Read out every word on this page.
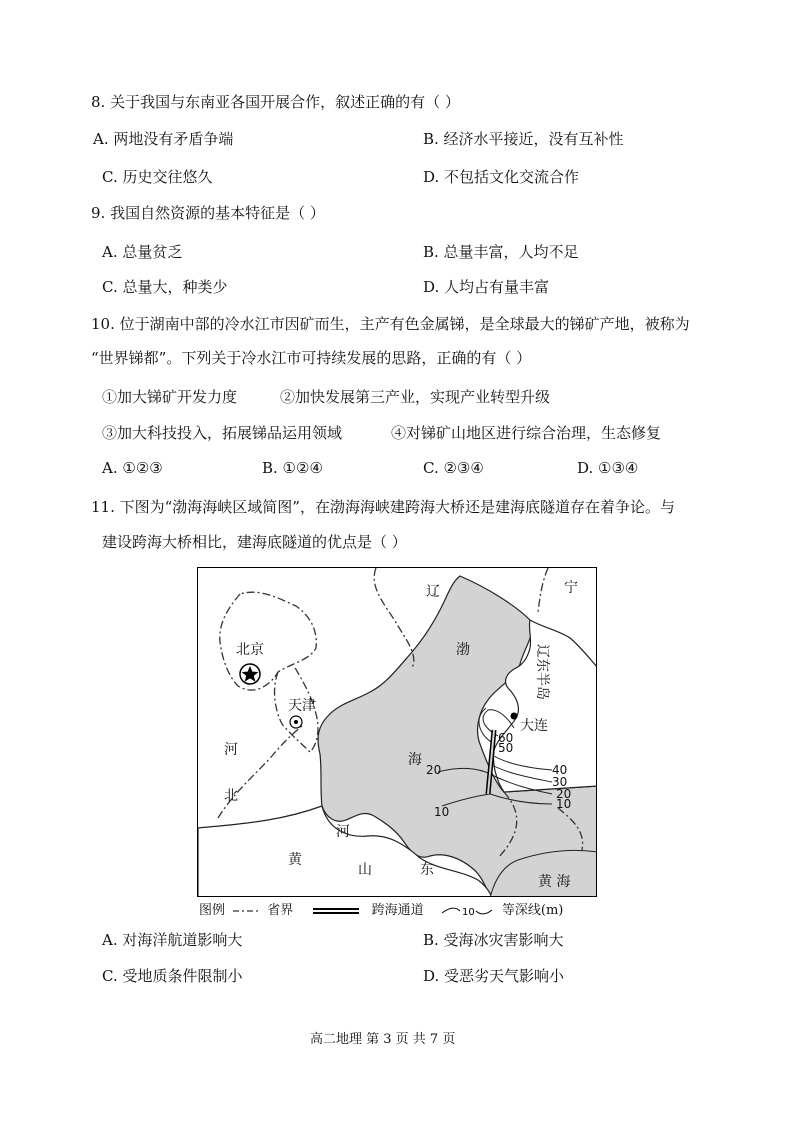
8. 关于我国与东南亚各国开展合作，叙述正确的有（ ）
A. 两地没有矛盾争端	B. 经济水平接近，没有互补性
C. 历史交往悠久	D. 不包括文化交流合作
9. 我国自然资源的基本特征是（ ）
A. 总量贫乏	B. 总量丰富，人均不足
C. 总量大，种类少	D. 人均占有量丰富
10. 位于湖南中部的冷水江市因矿而生，主产有色金属锑，是全球最大的锑矿产地，被称为
“世界锑都”。下列关于冷水江市可持续发展的思路，正确的有（ ）
①加大锑矿开发力度	②加快发展第三产业，实现产业转型升级
③加大科技投入，拓展锑品运用领域	④对锑矿山地区进行综合治理，生态修复
A. ①②③	B. ①②④	C. ②③④	D. ①③④
11. 下图为“渤海海峡区域简图”，在渤海海峡建跨海大桥还是建海底隧道存在着争论。与
建设跨海大桥相比，建海底隧道的优点是（ ）
辽	宁
辽东半岛
北京
天津
渤
海
大连
河
北
河
黄
山	东
黄 海
60
50
40
30
20
10
20
10
图例	省界	跨海通道	10 等深线(m)
A. 对海洋航道影响大	B. 受海冰灾害影响大
C. 受地质条件限制小	D. 受恶劣天气影响小
高二地理 第 3 页 共 7 页
